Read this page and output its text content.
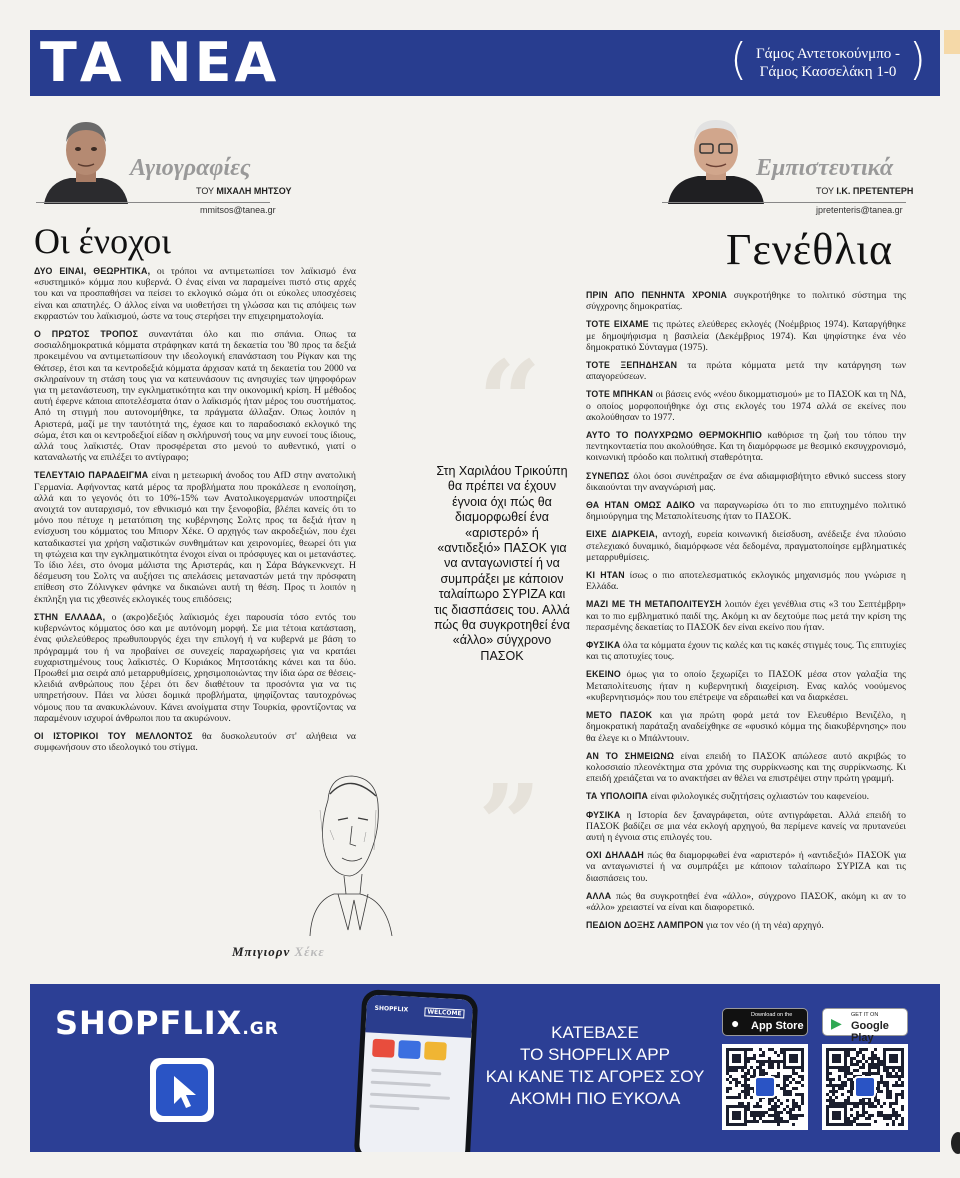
ΤΑ ΝΕΑ	( Γάμος Αντετοκούνμπο -
Γάμος Κασσελάκη 1-0 )
Αγιογραφίες
ΤΟΥ ΜΙΧΑΛΗ ΜΗΤΣΟΥ
mmitsos@tanea.gr
Οι ένοχοι

ΔΥΟ ΕΙΝΑΙ, ΘΕΩΡΗΤΙΚΑ, οι τρόποι να αντιμετωπίσει τον λαϊκισμό ένα «συστημικό» κόμμα που κυβερνά. Ο ένας είναι να παραμείνει πιστό στις αρχές του και να προσπαθήσει να πείσει το εκλογικό σώμα ότι οι εύκολες υποσχέσεις είναι και απατηλές. Ο άλλος είναι να υιοθετήσει τη γλώσσα και τις απόψεις των εκφραστών του λαϊκισμού, ώστε να τους στερήσει την επιχειρηματολογία.

Ο ΠΡΩΤΟΣ ΤΡΟΠΟΣ συναντάται όλο και πιο σπάνια. Οπως τα σοσιαλδημοκρατικά κόμματα στράφηκαν κατά τη δεκαετία του '80 προς τα δεξιά προκειμένου να αντιμετωπίσουν την ιδεολογική επανάσταση του Ρίγκαν και της Θάτσερ, έτσι και τα κεντροδεξιά κόμματα άρχισαν κατά τη δεκαετία του 2000 να σκληραίνουν τη στάση τους για να κατευνάσουν τις ανησυχίες των ψηφοφόρων για τη μετανάστευση, την εγκληματικότητα και την οικονομική κρίση. Η μέθοδος αυτή έφερνε κάποια αποτελέσματα όταν ο λαϊκισμός ήταν μέρος του συστήματος. Από τη στιγμή που αυτονομήθηκε, τα πράγματα άλλαξαν. Οπως λοιπόν η Αριστερά, μαζί με την ταυτότητά της, έχασε και το παραδοσιακό εκλογικό της σώμα, έτσι και οι κεντροδεξιοί είδαν η σκλήρυνσή τους να μην ευνοεί τους ίδιους, αλλά τους λαϊκιστές. Οταν προσφέρεται στο μενού το αυθεντικό, γιατί ο καταναλωτής να επιλέξει το αντίγραφο;

ΤΕΛΕΥΤΑΙΟ ΠΑΡΑΔΕΙΓΜΑ είναι η μετεωρική άνοδος του AfD στην ανατολική Γερμανία. Αφήνοντας κατά μέρος τα προβλήματα που προκάλεσε η ενοποίηση, αλλά και το γεγονός ότι το 10%-15% των Ανατολικογερμανών υποστηρίζει ανοιχτά τον αυταρχισμό, τον εθνικισμό και την ξενοφοβία, βλέπει κανείς ότι το μόνο που πέτυχε η μετατόπιση της κυβέρνησης Σολτς προς τα δεξιά ήταν η ενίσχυση του κόμματος του Μπιορν Χέκε. Ο αρχηγός των ακροδεξιών, που έχει καταδικαστεί για χρήση ναζιστικών συνθημάτων και χειρονομίες, θεωρεί ότι για τη φτώχεια και την εγκληματικότητα ένοχοι είναι οι πρόσφυγες και οι μετανάστες. Το ίδιο λέει, στο όνομα μάλιστα της Αριστεράς, και η Σάρα Βάγκενκνεχτ. Η δέσμευση του Σολτς να αυξήσει τις απελάσεις μεταναστών μετά την πρόσφατη επίθεση στο Ζόλινγκεν φάνηκε να δικαιώνει αυτή τη θέση. Προς τι λοιπόν η έκπληξη για τις χθεσινές εκλογικές τους επιδόσεις;

ΣΤΗΝ ΕΛΛΑΔΑ, ο (ακρο)δεξιός λαϊκισμός έχει παρουσία τόσο εντός του κυβερνώντος κόμματος όσο και με αυτόνομη μορφή. Σε μια τέτοια κατάσταση, ένας φιλελεύθερος πρωθυπουργός έχει την επιλογή ή να κυβερνά με βάση το πρόγραμμά του ή να προβαίνει σε συνεχείς παραχωρήσεις για να κρατάει ευχαριστημένους τους λαϊκιστές. Ο Κυριάκος Μητσοτάκης κάνει και τα δύο. Προωθεί μια σειρά από μεταρρυθμίσεις, χρησιμοποιώντας την ίδια ώρα σε θέσεις-κλειδιά ανθρώπους που ξέρει ότι δεν διαθέτουν τα προσόντα για να τις υπηρετήσουν. Πάει να λύσει δομικά προβλήματα, ψηφίζοντας ταυτοχρόνως νόμους που τα ανακυκλώνουν. Κάνει ανοίγματα στην Τουρκία, φροντίζοντας να παραμένουν ισχυροί άνθρωποι που τα ακυρώνουν.

ΟΙ ΙΣΤΟΡΙΚΟΙ ΤΟΥ ΜΕΛΛΟΝΤΟΣ θα δυσκολευτούν στ' αλήθεια να συμφωνήσουν στο ιδεολογικό του στίγμα.

Μπιγιορν Χέκε
“
”
Στη Χαριλάου Τρικούπη θα πρέπει να έχουν έγνοια όχι πώς θα διαμορφωθεί ένα «αριστερό» ή «αντιδεξιό» ΠΑΣΟΚ για να ανταγωνιστεί ή να συμπράξει με κάποιον ταλαίπωρο ΣΥΡΙΖΑ και τις διασπάσεις του. Αλλά πώς θα συγκροτηθεί ένα «άλλο» σύγχρονο ΠΑΣΟΚ
Εμπιστευτικά
ΤΟΥ Ι.Κ. ΠΡΕΤΕΝΤΕΡΗ
jpretenteris@tanea.gr
Γενέθλια

ΠΡΙΝ ΑΠΟ ΠΕΝΗΝΤΑ ΧΡΟΝΙΑ συγκροτήθηκε το πολιτικό σύστημα της σύγχρονης δημοκρατίας.

ΤΟΤΕ ΕΙΧΑΜΕ τις πρώτες ελεύθερες εκλογές (Νοέμβριος 1974). Καταργήθηκε με δημοψήφισμα η βασιλεία (Δεκέμβριος 1974). Και ψηφίστηκε ένα νέο δημοκρατικό Σύνταγμα (1975).

ΤΟΤΕ ΞΕΠΗΔΗΣΑΝ τα πρώτα κόμματα μετά την κατάργηση των απαγορεύσεων.

ΤΟΤΕ ΜΠΗΚΑΝ οι βάσεις ενός «νέου δικομματισμού» με το ΠΑΣΟΚ και τη ΝΔ, ο οποίος μορφοποιήθηκε όχι στις εκλογές του 1974 αλλά σε εκείνες που ακολούθησαν το 1977.

ΑΥΤΟ ΤΟ ΠΟΛΥΧΡΩΜΟ ΘΕΡΜΟΚΗΠΙΟ καθόρισε τη ζωή του τόπου την πεντηκονταετία που ακολούθησε. Και τη διαμόρφωσε με θεσμικό εκσυγχρονισμό, κοινωνική πρόοδο και πολιτική σταθερότητα.

ΣΥΝΕΠΩΣ όλοι όσοι συνέπραξαν σε ένα αδιαμφισβήτητο εθνικό success story δικαιούνται την αναγνώρισή μας.

ΘΑ ΗΤΑΝ ΟΜΩΣ ΑΔΙΚΟ να παραγνωρίσω ότι το πιο επιτυχημένο πολιτικό δημιούργημα της Μεταπολίτευσης ήταν το ΠΑΣΟΚ.

ΕΙΧΕ ΔΙΑΡΚΕΙΑ, αντοχή, ευρεία κοινωνική διείσδυση, ανέδειξε ένα πλούσιο στελεχιακό δυναμικό, διαμόρφωσε νέα δεδομένα, πραγματοποίησε εμβληματικές μεταρρυθμίσεις.

ΚΙ ΗΤΑΝ ίσως ο πιο αποτελεσματικός εκλογικός μηχανισμός που γνώρισε η Ελλάδα.

ΜΑΖΙ ΜΕ ΤΗ ΜΕΤΑΠΟΛΙΤΕΥΣΗ λοιπόν έχει γενέθλια στις «3 του Σεπτέμβρη» και το πιο εμβληματικό παιδί της. Ακόμη κι αν δεχτούμε πως μετά την κρίση της περασμένης δεκαετίας το ΠΑΣΟΚ δεν είναι εκείνο που ήταν.

ΦΥΣΙΚΑ όλα τα κόμματα έχουν τις καλές και τις κακές στιγμές τους. Τις επιτυχίες και τις αποτυχίες τους.

ΕΚΕΙΝΟ όμως για το οποίο ξεχωρίζει το ΠΑΣΟΚ μέσα στον γαλαξία της Μεταπολίτευσης ήταν η κυβερνητική διαχείριση. Ενας καλός νοούμενος «κυβερνητισμός» που του επέτρεψε να εδραιωθεί και να διαρκέσει.

ΜΕΤΟ ΠΑΣΟΚ και για πρώτη φορά μετά τον Ελευθέριο Βενιζέλο, η δημοκρατική παράταξη αναδείχθηκε σε «φυσικό κόμμα της διακυβέρνησης» που θα έλεγε κι ο Μπάλντουιν.

ΑΝ ΤΟ ΣΗΜΕΙΩΝΩ είναι επειδή το ΠΑΣΟΚ απώλεσε αυτό ακριβώς το κολοσσιαίο πλεονέκτημα στα χρόνια της συρρίκνωσης και της συρρίκνωσης. Κι επειδή χρειάζεται να το ανακτήσει αν θέλει να επιστρέψει στην πρώτη γραμμή.

ΤΑ ΥΠΟΛΟΙΠΑ είναι φιλολογικές συζητήσεις οχλιαστών του καφενείου.

ΦΥΣΙΚΑ η Ιστορία δεν ξαναγράφεται, ούτε αντιγράφεται. Αλλά επειδή το ΠΑΣΟΚ βαδίζει σε μια νέα εκλογή αρχηγού, θα περίμενε κανείς να πρυτανεύει αυτή η έγνοια στις επιλογές του.

ΟΧΙ ΔΗΛΑΔΗ πώς θα διαμορφωθεί ένα «αριστερό» ή «αντιδεξιό» ΠΑΣΟΚ για να ανταγωνιστεί ή να συμπράξει με κάποιον ταλαίπωρο ΣΥΡΙΖΑ και τις διασπάσεις του.

ΑΛΛΑ πώς θα συγκροτηθεί ένα «άλλο», σύγχρονο ΠΑΣΟΚ, ακόμη κι αν το «άλλο» χρειαστεί να είναι και διαφορετικό.

ΠΕΔΙΟΝ ΔΟΞΗΣ ΛΑΜΠΡΟΝ για τον νέο (ή τη νέα) αρχηγό.

SHOPFLIX.GR
SHOPFLIX	WELCOME
ΚΑΤΕΒΑΣΕ
ΤΟ SHOPFLIX APP
ΚΑΙ ΚΑΝΕ ΤΙΣ ΑΓΟΡΕΣ ΣΟΥ
ΑΚΟΜΗ ΠΙΟ ΕΥΚΟΛΑ
● Download on the
App Store ▶ GET IT ON
Google Play
